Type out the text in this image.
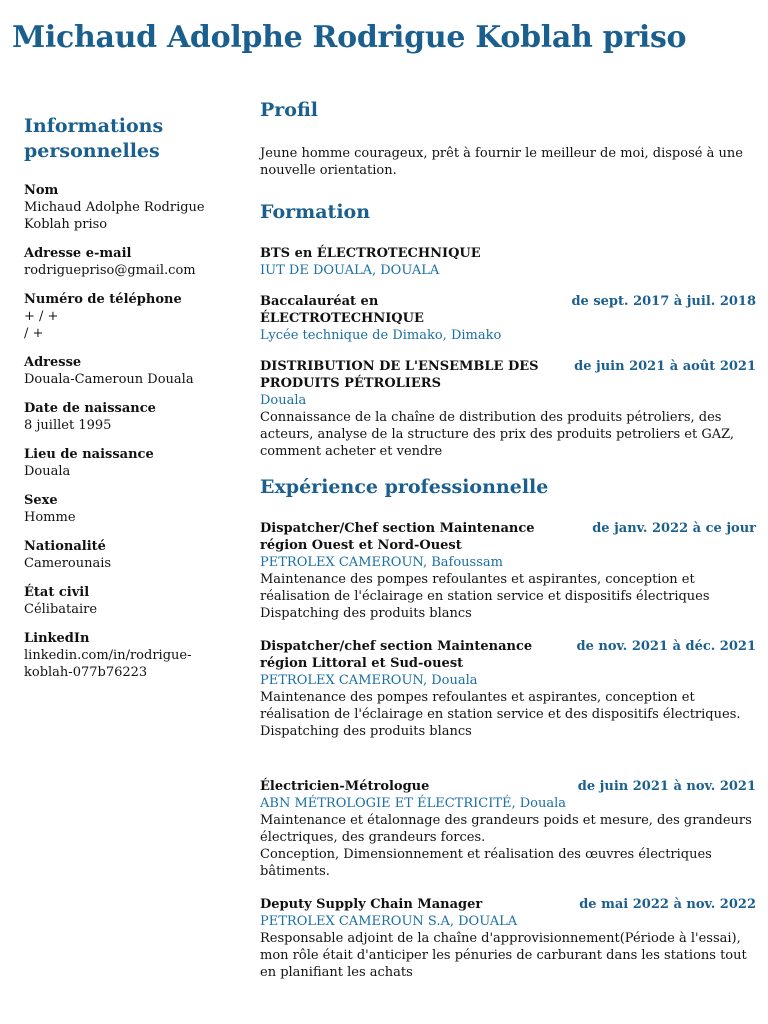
Michaud Adolphe Rodrigue Koblah priso
Informations personnelles
Nom
Michaud Adolphe Rodrigue
Koblah priso
Adresse e-mail
rodriguepriso@gmail.com
Numéro de téléphone
+ / +
/ +
Adresse
Douala-Cameroun Douala
Date de naissance
8 juillet 1995
Lieu de naissance
Douala
Sexe
Homme
Nationalité
Camerounais
État civil
Célibataire
LinkedIn
linkedin.com/in/rodrigue-
koblah-077b76223
Profil
Jeune homme courageux, prêt à fournir le meilleur de moi, disposé à une nouvelle orientation.
Formation
BTS en ÉLECTROTECHNIQUE
IUT DE DOUALA, DOUALA
Baccalauréat en ÉLECTROTECHNIQUE
de sept. 2017 à juil. 2018
Lycée technique de Dimako, Dimako
DISTRIBUTION DE L'ENSEMBLE DES PRODUITS PÉTROLIERS
de juin 2021 à août 2021
Douala
Connaissance de la chaîne de distribution des produits pétroliers, des acteurs, analyse de la structure des prix des produits petroliers et GAZ, comment acheter et vendre
Expérience professionnelle
Dispatcher/Chef section Maintenance région Ouest et Nord-Ouest
de janv. 2022 à ce jour
PETROLEX CAMEROUN, Bafoussam
Maintenance des pompes refoulantes et aspirantes, conception et réalisation de l'éclairage en station service et dispositifs électriques
Dispatching des produits blancs
Dispatcher/chef section Maintenance région Littoral et Sud-ouest
de nov. 2021 à déc. 2021
PETROLEX CAMEROUN, Douala
Maintenance des pompes refoulantes et aspirantes, conception et réalisation de l'éclairage en station service et des dispositifs électriques.
Dispatching des produits blancs
Électricien-Métrologue	de juin 2021 à nov. 2021
ABN MÉTROLOGIE ET ÉLECTRICITÉ, Douala
Maintenance et étalonnage des grandeurs poids et mesure, des grandeurs électriques, des grandeurs forces.
Conception, Dimensionnement et réalisation des œuvres électriques bâtiments.
Deputy Supply Chain Manager	de mai 2022 à nov. 2022
PETROLEX CAMEROUN S.A, DOUALA
Responsable adjoint de la chaîne d'approvisionnement(Période à l'essai), mon rôle était d'anticiper les pénuries de carburant dans les stations tout en planifiant les achats
